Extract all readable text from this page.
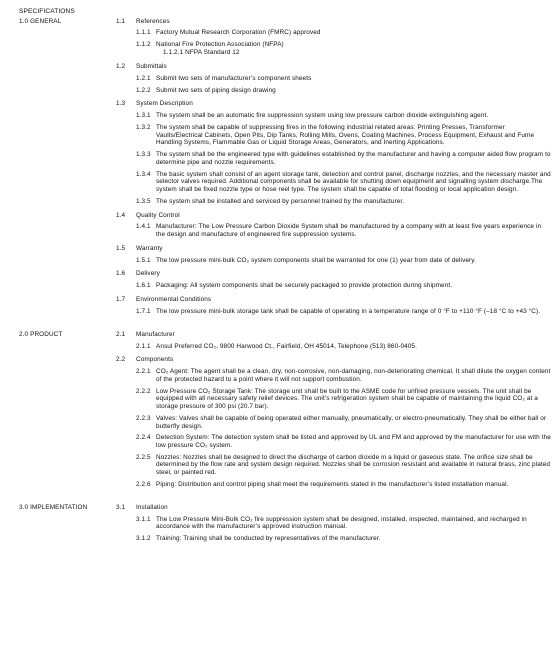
SPECIFICATIONS
1.0 GENERAL	1.1	References
1.1.1 Factory Mutual Research Corporation (FMRC) approved
1.1.2 National Fire Protection Association (NFPA)
1.1.2.1 NFPA Standard 12
1.2	Submittals
1.2.1 Submit two sets of manufacturer’s component sheets
1.2.2 Submit two sets of piping design drawing
1.3	System Description
1.3.1 The system shall be an automatic fire suppression system using low pressure carbon dioxide extinguishing agent.
1.3.2 The system shall be capable of suppressing fires in the following industrial related areas: Printing Presses, Transformer Vaults/Electrical Cabinets, Open Pits, Dip Tanks, Rolling Mills, Ovens, Coating Machines, Process Equipment, Exhaust and Fume Handling Systems, Flammable Gas or Liquid Storage Areas, Generators, and Inerting Applications.
1.3.3 The system shall be the engineered type with guidelines established by the manufacturer and having a computer aided flow program to determine pipe and nozzle requirements.
1.3.4 The basic system shall consist of an agent storage tank, detection and control panel, discharge nozzles, and the necessary master and selector valves required. Additional components shall be available for shutting down equipment and signalling system discharge.The system shall be fixed nozzle type or hose reel type. The system shall be capable of total flooding or local application design.
1.3.5 The system shall be installed and serviced by personnel trained by the manufacturer.
1.4	Quality Control
1.4.1 Manufacturer: The Low Pressure Carbon Dioxide System shall be manufactured by a company with at least five years experience in the design and manufacture of engineered fire suppression systems.
1.5	Warranty
1.5.1 The low pressure mini-bulk CO₂ system components shall be warranted for one (1) year from date of delivery.
1.6	Delivery
1.6.1 Packaging: All system components shall be securely packaged to provide protection during shipment.
1.7	Environmental Conditions
1.7.1 The low pressure mini-bulk storage tank shall be capable of operating in a temperature range of 0 °F to +110 °F (–18 °C to +43 °C).
2.0 PRODUCT	2.1	Manufacturer
2.1.1 Ansul Preferred CO₂, 9800 Harwood Ct., Fairfield, OH 45014, Telephone (513) 860-0405.
2.2	Components
2.2.1 CO₂ Agent: The agent shall be a clean, dry, non-corrosive, non-damaging, non-deteriorating chemical. It shall dilute the oxygen content of the protected hazard to a point where it will not support combustion.
2.2.2 Low Pressure CO₂ Storage Tank: The storage unit shall be built to the ASME code for unfired pressure vessels. The unit shall be equipped with all necessary safety relief devices. The unit’s refrigeration system shall be capable of maintaining the liquid CO₂ at a storage pressure of 300 psi (20.7 bar).
2.2.3 Valves: Valves shall be capable of being operated either manually, pneumatically, or electro-pneumatically. They shall be either ball or butterfly design.
2.2.4 Detection System: The detection system shall be listed and approved by UL and FM and approved by the manufacturer for use with the low pressure CO₂ system.
2.2.5 Nozzles: Nozzles shall be designed to direct the discharge of carbon dioxide in a liquid or gaseous state. The orifice size shall be determined by the flow rate and system design required. Nozzles shall be corrosion resistant and available in natural brass, zinc plated steel, or painted red.
2.2.6 Piping: Distribution and control piping shall meet the requirements stated in the manufacturer’s listed installation manual.
3.0 IMPLEMENTATION	3.1	Installation
3.1.1 The Low Pressure Mini-Bulk CO₂ fire suppression system shall be designed, installed, inspected, maintained, and recharged in accordance with the manufacturer’s approved instruction manual.
3.1.2 Training: Training shall be conducted by representatives of the manufacturer.
